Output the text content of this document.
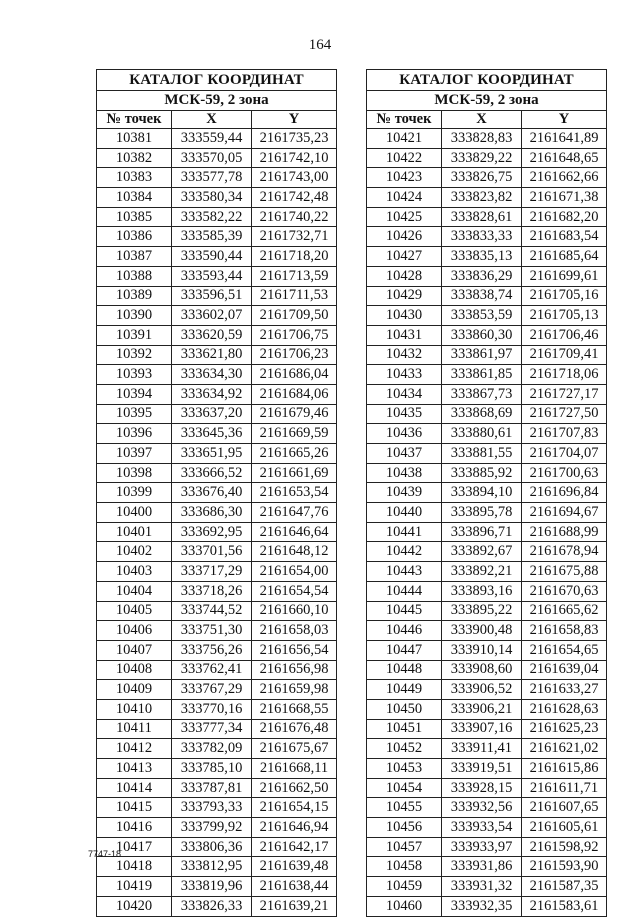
164
КАТАЛОГ КООРДИНАТ		
МСК-59, 2 зона		
№ точек	X	Y
10381	333559,44	2161735,23
10382	333570,05	2161742,10
10383	333577,78	2161743,00
10384	333580,34	2161742,48
10385	333582,22	2161740,22
10386	333585,39	2161732,71
10387	333590,44	2161718,20
10388	333593,44	2161713,59
10389	333596,51	2161711,53
10390	333602,07	2161709,50
10391	333620,59	2161706,75
10392	333621,80	2161706,23
10393	333634,30	2161686,04
10394	333634,92	2161684,06
10395	333637,20	2161679,46
10396	333645,36	2161669,59
10397	333651,95	2161665,26
10398	333666,52	2161661,69
10399	333676,40	2161653,54
10400	333686,30	2161647,76
10401	333692,95	2161646,64
10402	333701,56	2161648,12
10403	333717,29	2161654,00
10404	333718,26	2161654,54
10405	333744,52	2161660,10
10406	333751,30	2161658,03
10407	333756,26	2161656,54
10408	333762,41	2161656,98
10409	333767,29	2161659,98
10410	333770,16	2161668,55
10411	333777,34	2161676,48
10412	333782,09	2161675,67
10413	333785,10	2161668,11
10414	333787,81	2161662,50
10415	333793,33	2161654,15
10416	333799,92	2161646,94
10417	333806,36	2161642,17
10418	333812,95	2161639,48
10419	333819,96	2161638,44
10420	333826,33	2161639,21
КАТАЛОГ КООРДИНАТ		
МСК-59, 2 зона		
№ точек	X	Y
10421	333828,83	2161641,89
10422	333829,22	2161648,65
10423	333826,75	2161662,66
10424	333823,82	2161671,38
10425	333828,61	2161682,20
10426	333833,33	2161683,54
10427	333835,13	2161685,64
10428	333836,29	2161699,61
10429	333838,74	2161705,16
10430	333853,59	2161705,13
10431	333860,30	2161706,46
10432	333861,97	2161709,41
10433	333861,85	2161718,06
10434	333867,73	2161727,17
10435	333868,69	2161727,50
10436	333880,61	2161707,83
10437	333881,55	2161704,07
10438	333885,92	2161700,63
10439	333894,10	2161696,84
10440	333895,78	2161694,67
10441	333896,71	2161688,99
10442	333892,67	2161678,94
10443	333892,21	2161675,88
10444	333893,16	2161670,63
10445	333895,22	2161665,62
10446	333900,48	2161658,83
10447	333910,14	2161654,65
10448	333908,60	2161639,04
10449	333906,52	2161633,27
10450	333906,21	2161628,63
10451	333907,16	2161625,23
10452	333911,41	2161621,02
10453	333919,51	2161615,86
10454	333928,15	2161611,71
10455	333932,56	2161607,65
10456	333933,54	2161605,61
10457	333933,97	2161598,92
10458	333931,86	2161593,90
10459	333931,32	2161587,35
10460	333932,35	2161583,61
7747-18
